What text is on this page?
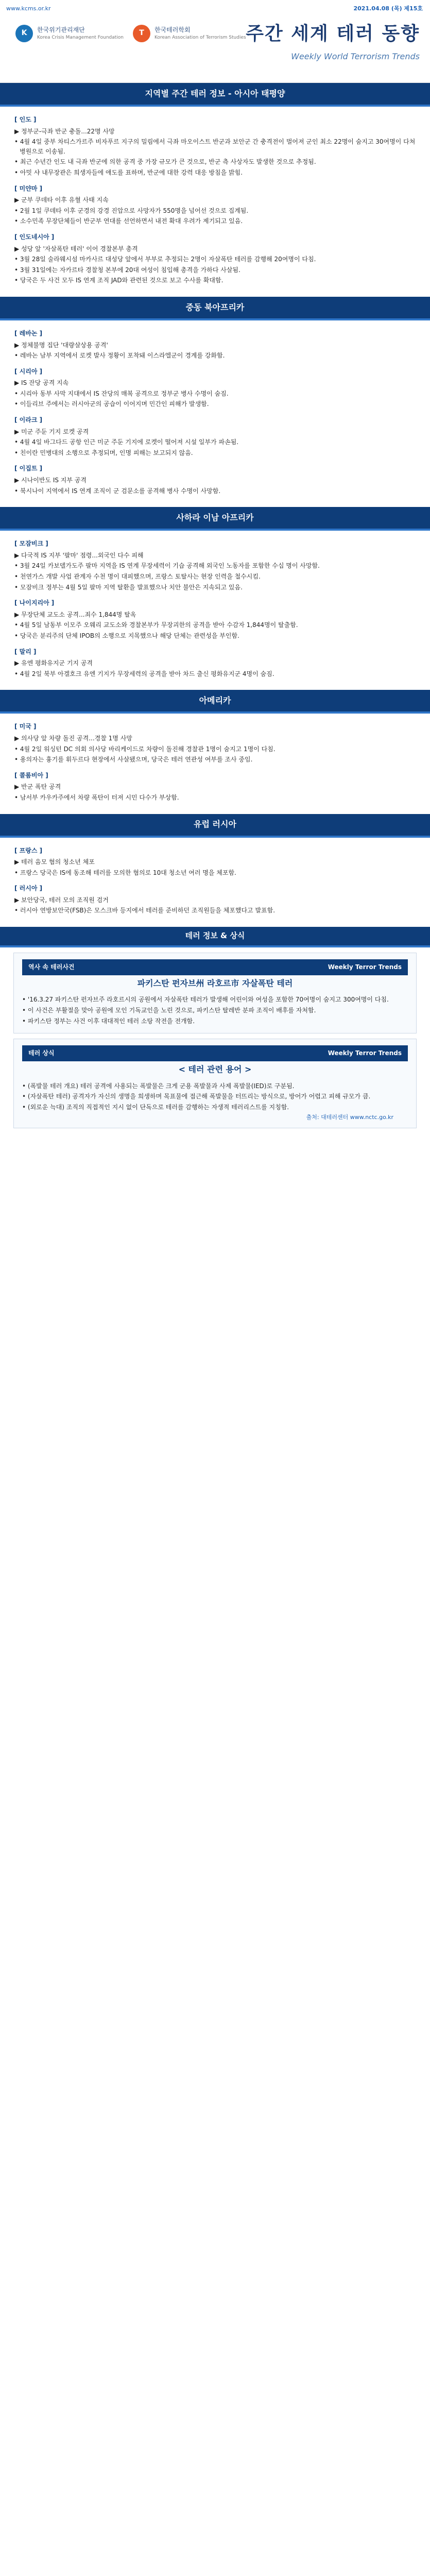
www.kcms.or.kr	2021.04.08 (목) 제15호
K	한국위기관리재단
Korea Crisis Management Foundation
T	한국테러학회
Korean Association of Terrorism Studies 주간 세계 테러 동향
Weekly World Terrorism Trends
지역별 주간 테러 정보 - 아시아 태평양
[ 인도 ]
▶ 정부군-극좌 반군 충돌...22명 사망
• 4월 4일 중부 차티스가르주 비자푸르 지구의 밀림에서 극좌 마오이스트 반군과 보안군 간 충격전이 벌어져 군인 최소 22명이 숨지고 30여명이 다쳐 병원으로 이송됨.
• 최근 수년간 인도 내 극좌 반군에 의한 공격 중 가장 규모가 큰 것으로, 반군 측 사상자도 발생한 것으로 추정됨.
• 아밋 샤 내무장관은 희생자들에 애도를 표하며, 반군에 대한 강력 대응 방침을 밝힘.
[ 미얀마 ]
▶ 군부 쿠데타 이후 유혈 사태 지속
• 2월 1일 쿠데타 이후 군경의 강경 진압으로 사망자가 550명을 넘어선 것으로 집계됨.
• 소수민족 무장단체들이 반군부 연대를 선언하면서 내전 확대 우려가 제기되고 있음.
[ 인도네시아 ]
▶ 성당 앞 '자살폭탄 테러' 이어 경찰본부 총격
• 3월 28일 술라웨시섬 마카사르 대성당 앞에서 부부로 추정되는 2명이 자살폭탄 테러를 감행해 20여명이 다침.
• 3월 31일에는 자카르타 경찰청 본부에 20대 여성이 침입해 총격을 가하다 사살됨.
• 당국은 두 사건 모두 IS 연계 조직 JAD와 관련된 것으로 보고 수사를 확대함.
중동 북아프리카
[ 레바논 ]
▶ 정체불명 집단 '대량살상용 공격'
• 레바논 남부 지역에서 로켓 발사 정황이 포착돼 이스라엘군이 경계를 강화함.
[ 시리아 ]
▶ IS 잔당 공격 지속
• 시리아 동부 사막 지대에서 IS 잔당의 매복 공격으로 정부군 병사 수명이 숨짐.
• 이들리브 주에서는 러시아군의 공습이 이어지며 민간인 피해가 발생함.
[ 이라크 ]
▶ 미군 주둔 기지 로켓 공격
• 4월 4일 바그다드 공항 인근 미군 주둔 기지에 로켓이 떨어져 시설 일부가 파손됨.
• 친이란 민병대의 소행으로 추정되며, 인명 피해는 보고되지 않음.
[ 이집트 ]
▶ 시나이반도 IS 지부 공격
• 북시나이 지역에서 IS 연계 조직이 군 검문소를 공격해 병사 수명이 사망함.
사하라 이남 아프리카
[ 모잠비크 ]
▶ 다국적 IS 지부 '팔마' 점령...외국인 다수 피해
• 3월 24일 카보델가도주 팔마 지역을 IS 연계 무장세력이 기습 공격해 외국인 노동자를 포함한 수십 명이 사망함.
• 천연가스 개발 사업 관계자 수천 명이 대피했으며, 프랑스 토탈사는 현장 인력을 철수시킴.
• 모잠비크 정부는 4월 5일 팔마 지역 탈환을 발표했으나 치안 불안은 지속되고 있음.
[ 나이지리아 ]
▶ 무장단체 교도소 공격...죄수 1,844명 탈옥
• 4월 5일 남동부 이모주 오웨리 교도소와 경찰본부가 무장괴한의 공격을 받아 수감자 1,844명이 탈출함.
• 당국은 분리주의 단체 IPOB의 소행으로 지목했으나 해당 단체는 관련성을 부인함.
[ 말리 ]
▶ 유엔 평화유지군 기지 공격
• 4월 2일 북부 아겔호크 유엔 기지가 무장세력의 공격을 받아 차드 출신 평화유지군 4명이 숨짐.
아메리카
[ 미국 ]
▶ 의사당 앞 차량 돌진 공격...경찰 1명 사망
• 4월 2일 워싱턴 DC 의회 의사당 바리케이드로 차량이 돌진해 경찰관 1명이 숨지고 1명이 다침.
• 용의자는 흉기를 휘두르다 현장에서 사살됐으며, 당국은 테러 연관성 여부를 조사 중임.
[ 콜롬비아 ]
▶ 반군 폭탄 공격
• 남서부 카우카주에서 차량 폭탄이 터져 시민 다수가 부상함.
유럽 러시아
[ 프랑스 ]
▶ 테러 음모 혐의 청소년 체포
• 프랑스 당국은 IS에 동조해 테러를 모의한 혐의로 10대 청소년 여러 명을 체포함.
[ 러시아 ]
▶ 보안당국, 테러 모의 조직원 검거
• 러시아 연방보안국(FSB)은 모스크바 등지에서 테러를 준비하던 조직원들을 체포했다고 발표함.
테러 정보 & 상식
역사 속 테러사건	Weekly Terror Trends
파키스탄 펀자브州 라호르市 자살폭탄 테러
• '16.3.27 파키스탄 펀자브주 라호르시의 공원에서 자살폭탄 테러가 발생해 어린이와 여성을 포함한 70여명이 숨지고 300여명이 다침.
• 이 사건은 부활절을 맞아 공원에 모인 기독교인을 노린 것으로, 파키스탄 탈레반 분파 조직이 배후를 자처함.
• 파키스탄 정부는 사건 이후 대대적인 테러 소탕 작전을 전개함.
테러 상식	Weekly Terror Trends
< 테러 관련 용어 >
• (폭발물 테러 개요) 테러 공격에 사용되는 폭발물은 크게 군용 폭발물과 사제 폭발물(IED)로 구분됨.
• (자살폭탄 테러) 공격자가 자신의 생명을 희생하며 목표물에 접근해 폭발물을 터뜨리는 방식으로, 방어가 어렵고 피해 규모가 큼.
• (외로운 늑대) 조직의 직접적인 지시 없이 단독으로 테러를 감행하는 자생적 테러리스트를 지칭함.
출처: 대테러센터 www.nctc.go.kr
